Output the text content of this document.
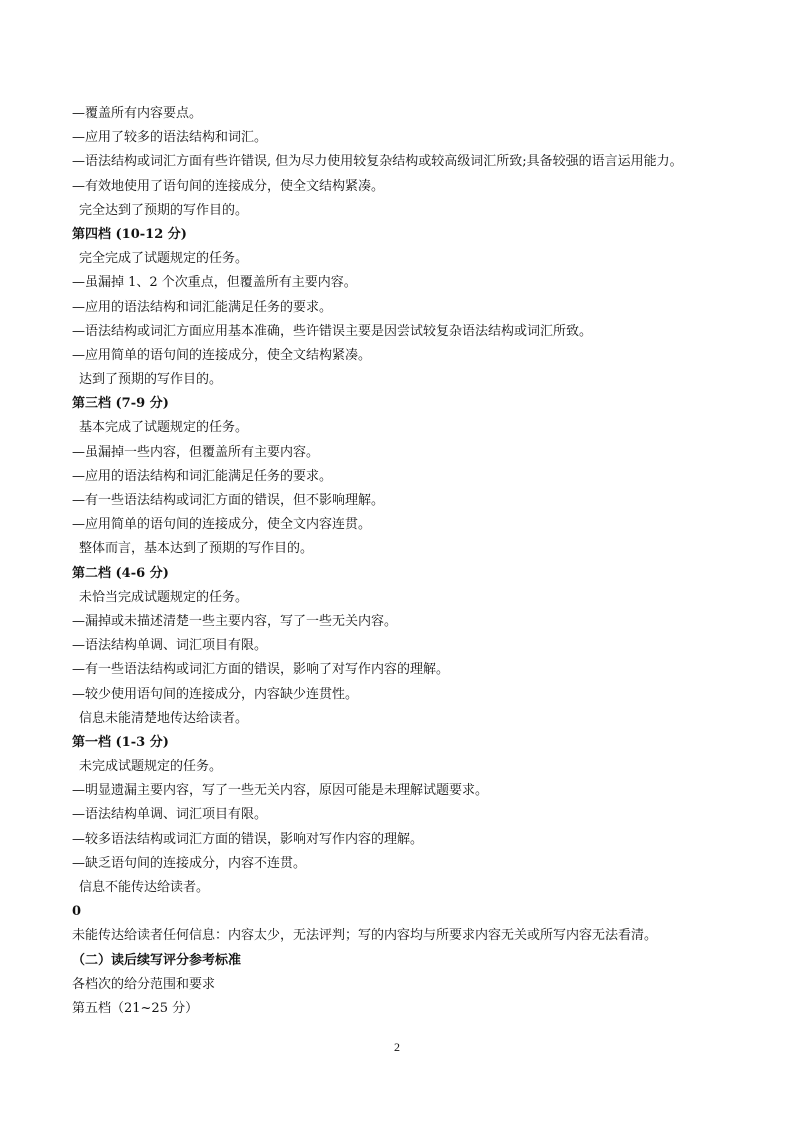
—覆盖所有内容要点。
—应用了较多的语法结构和词汇。
—语法结构或词汇方面有些许错误, 但为尽力使用较复杂结构或较高级词汇所致;具备较强的语言运用能力。
—有效地使用了语句间的连接成分，使全文结构紧凑。
完全达到了预期的写作目的。
第四档 (10-12 分)
完全完成了试题规定的任务。
—虽漏掉 1、2 个次重点，但覆盖所有主要内容。
—应用的语法结构和词汇能满足任务的要求。
—语法结构或词汇方面应用基本准确，些许错误主要是因尝试较复杂语法结构或词汇所致。
—应用简单的语句间的连接成分，使全文结构紧凑。
达到了预期的写作目的。
第三档 (7-9 分)
基本完成了试题规定的任务。
—虽漏掉一些内容，但覆盖所有主要内容。
—应用的语法结构和词汇能满足任务的要求。
—有一些语法结构或词汇方面的错误，但不影响理解。
—应用简单的语句间的连接成分，使全文内容连贯。
整体而言，基本达到了预期的写作目的。
第二档 (4-6 分)
未恰当完成试题规定的任务。
—漏掉或未描述清楚一些主要内容，写了一些无关内容。
—语法结构单调、词汇项目有限。
—有一些语法结构或词汇方面的错误，影响了对写作内容的理解。
—较少使用语句间的连接成分，内容缺少连贯性。
信息未能清楚地传达给读者。
第一档 (1-3 分)
未完成试题规定的任务。
—明显遗漏主要内容，写了一些无关内容，原因可能是未理解试题要求。
—语法结构单调、词汇项目有限。
—较多语法结构或词汇方面的错误，影响对写作内容的理解。
—缺乏语句间的连接成分，内容不连贯。
信息不能传达给读者。
0
未能传达给读者任何信息：内容太少，无法评判；写的内容均与所要求内容无关或所写内容无法看清。
（二）读后续写评分参考标准
各档次的给分范围和要求
第五档（21~25 分）
2
